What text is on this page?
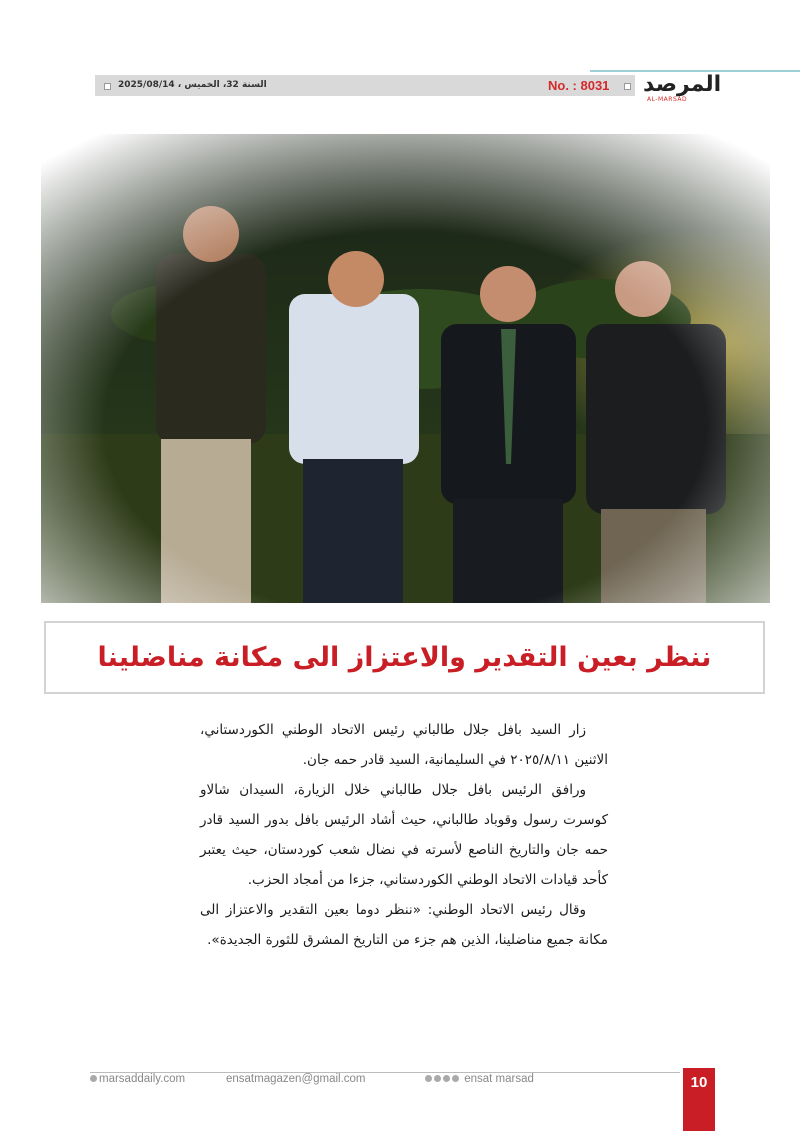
السنة 32، الخميس ، 2025/08/14	No. : 8031 المرصد
AL-MARSAD
ننظر بعين التقدير والاعتزاز الى مكانة مناضلينا

زار السيد بافل جلال طالباني رئيس الاتحاد الوطني الكوردستاني، الاثنين ٢٠٢٥/٨/١١ في السليمانية، السيد قادر حمه جان.

ورافق الرئيس بافل جلال طالباني خلال الزيارة، السيدان شالاو كوسرت رسول وقوباد طالباني، حيث أشاد الرئيس بافل بدور السيد قادر حمه جان والتاريخ الناصع لأسرته في نضال شعب كوردستان، حيث يعتبر كأحد قيادات الاتحاد الوطني الكوردستاني، جزءا من أمجاد الحزب.

وقال رئيس الاتحاد الوطني: «ننظر دوما بعين التقدير والاعتزاز الى مكانة جميع مناضلينا، الذين هم جزء من التاريخ المشرق للثورة الجديدة».

marsaddaily.com	ensatmagazen@gmail.com	ensat marsad	10
